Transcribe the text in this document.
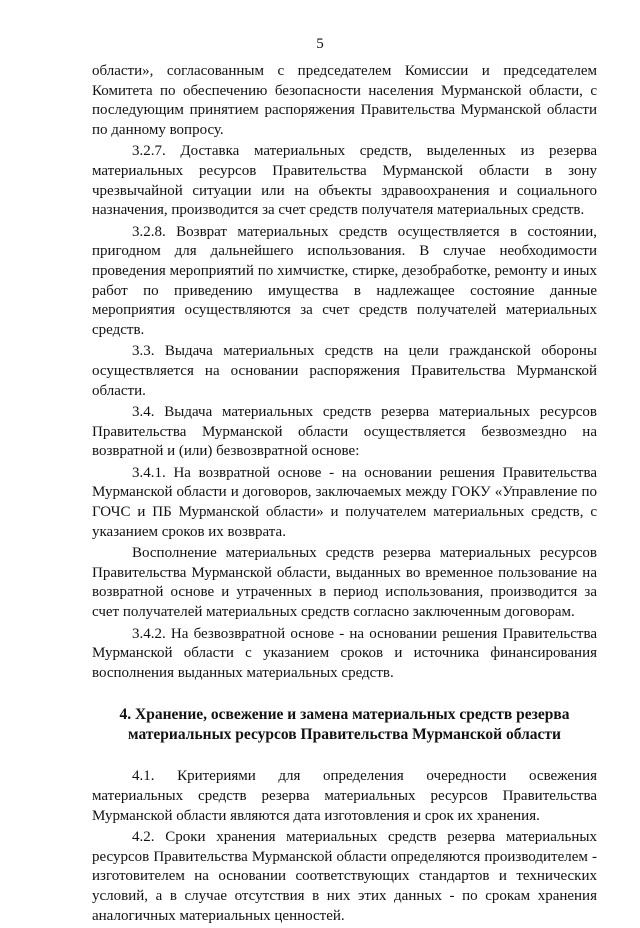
5

области», согласованным с председателем Комиссии и председателем Комитета по обеспечению безопасности населения Мурманской области, с последующим принятием распоряжения Правительства Мурманской области по данному вопросу.

3.2.7. Доставка материальных средств, выделенных из резерва материальных ресурсов Правительства Мурманской области в зону чрезвычайной ситуации или на объекты здравоохранения и социального назначения, производится за счет средств получателя материальных средств.

3.2.8. Возврат материальных средств осуществляется в состоянии, пригодном для дальнейшего использования. В случае необходимости проведения мероприятий по химчистке, стирке, дезобработке, ремонту и иных работ по приведению имущества в надлежащее состояние данные мероприятия осуществляются за счет средств получателей материальных средств.

3.3. Выдача материальных средств на цели гражданской обороны осуществляется на основании распоряжения Правительства Мурманской области.

3.4. Выдача материальных средств резерва материальных ресурсов Правительства Мурманской области осуществляется безвозмездно на возвратной и (или) безвозвратной основе:

3.4.1. На возвратной основе - на основании решения Правительства Мурманской области и договоров, заключаемых между ГОКУ «Управление по ГОЧС и ПБ Мурманской области» и получателем материальных средств, с указанием сроков их возврата.

Восполнение материальных средств резерва материальных ресурсов Правительства Мурманской области, выданных во временное пользование на возвратной основе и утраченных в период использования, производится за счет получателей материальных средств согласно заключенным договорам.

3.4.2. На безвозвратной основе - на основании решения Правительства Мурманской области с указанием сроков и источника финансирования восполнения выданных материальных средств.

4. Хранение, освежение и замена материальных средств резерва
материальных ресурсов Правительства Мурманской области

4.1. Критериями для определения очередности освежения материальных средств резерва материальных ресурсов Правительства Мурманской области являются дата изготовления и срок их хранения.

4.2. Сроки хранения материальных средств резерва материальных ресурсов Правительства Мурманской области определяются производителем - изготовителем на основании соответствующих стандартов и технических условий, а в случае отсутствия в них этих данных - по срокам хранения аналогичных материальных ценностей.
